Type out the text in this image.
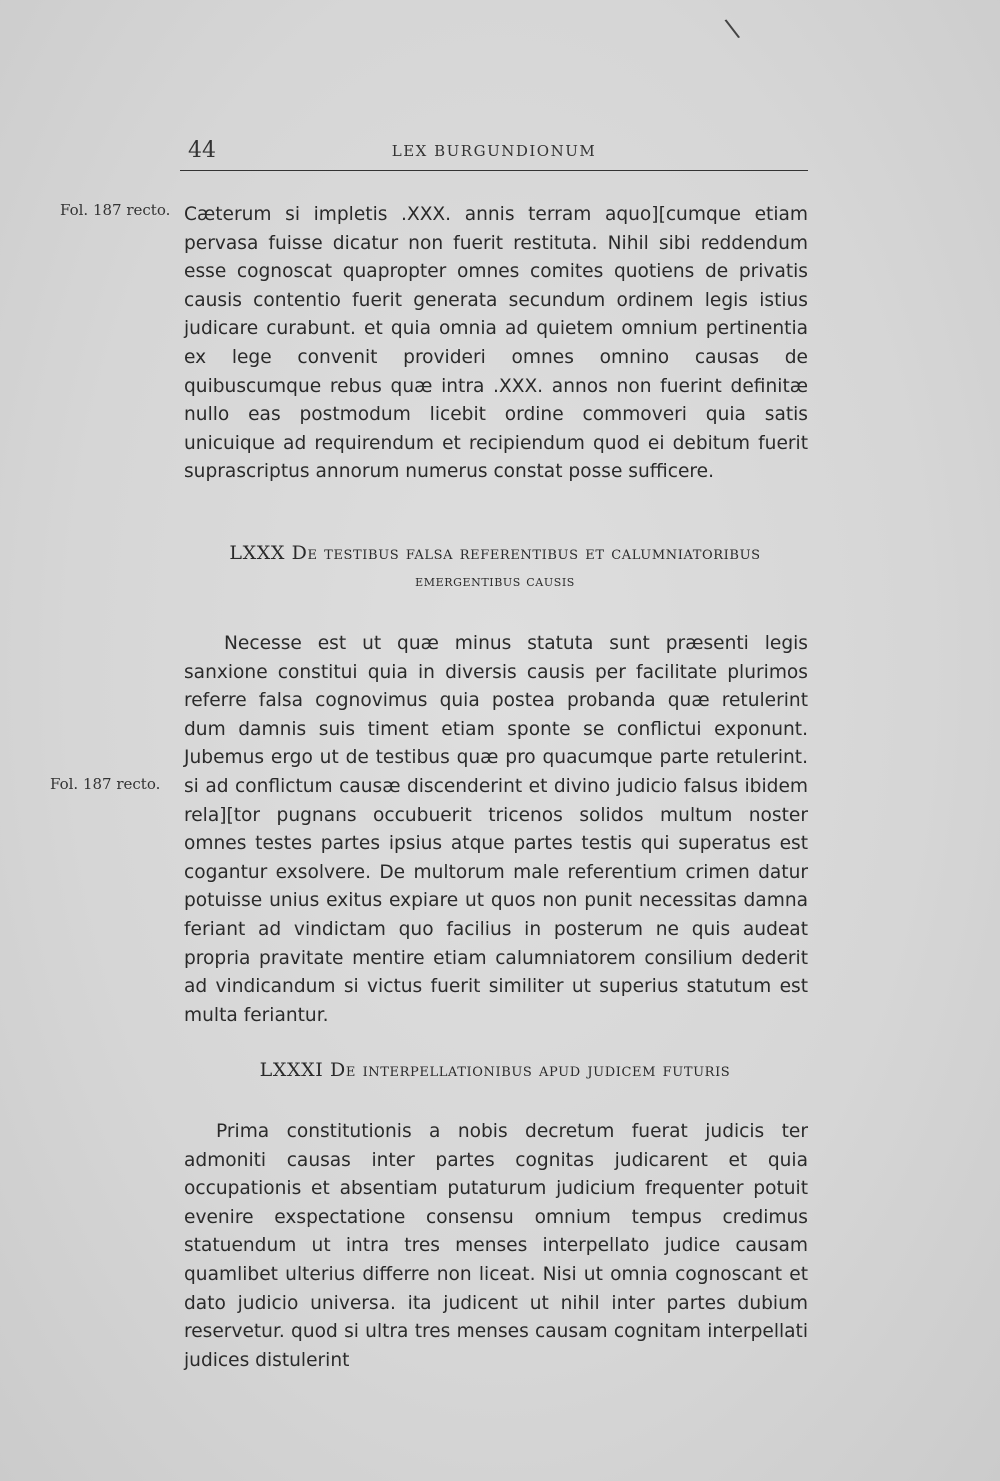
\
44	LEX BURGUNDIONUM
Fol. 187 recto.
Fol. 187 recto.

Cæterum si impletis .XXX. annis terram aquo][cumque etiam pervasa fuisse dicatur non fuerit restituta. Nihil sibi reddendum esse cognoscat quapropter omnes comites quotiens de privatis causis contentio fuerit generata secundum ordinem legis istius judicare curabunt. et quia omnia ad quietem omnium pertinentia ex lege convenit provideri omnes omnino causas de quibuscumque rebus quæ intra .XXX. annos non fuerint definitæ nullo eas postmodum licebit ordine commoveri quia satis unicuique ad requirendum et recipiendum quod ei debitum fuerit suprascriptus annorum numerus constat posse sufficere.

LXXX De testibus falsa referentibus et calumniatoribus
emergentibus causis

Necesse est ut quæ minus statuta sunt præsenti legis sanxione constitui quia in diversis causis per facilitate plurimos referre falsa cognovimus quia postea probanda quæ retulerint dum damnis suis timent etiam sponte se conflictui exponunt. Jubemus ergo ut de testibus quæ pro quacumque parte retulerint. si ad conflictum causæ discenderint et divino judicio falsus ibidem rela][tor pugnans occubuerit tricenos solidos multum noster omnes testes partes ipsius atque partes testis qui superatus est cogantur exsolvere. De multorum male referentium crimen datur potuisse unius exitus expiare ut quos non punit necessitas damna feriant ad vindictam quo facilius in posterum ne quis audeat propria pravitate mentire etiam calumniatorem consilium dederit ad vindicandum si victus fuerit similiter ut superius statutum est multa feriantur.

LXXXI De interpellationibus apud judicem futuris

Prima constitutionis a nobis decretum fuerat judicis ter admoniti causas inter partes cognitas judicarent et quia occupationis et absentiam putaturum judicium frequenter potuit evenire exspectatione consensu omnium tempus credimus statuendum ut intra tres menses interpellato judice causam quamlibet ulterius differre non liceat. Nisi ut omnia cognoscant et dato judicio universa. ita judicent ut nihil inter partes dubium reservetur. quod si ultra tres menses causam cognitam interpellati judices distulerint
